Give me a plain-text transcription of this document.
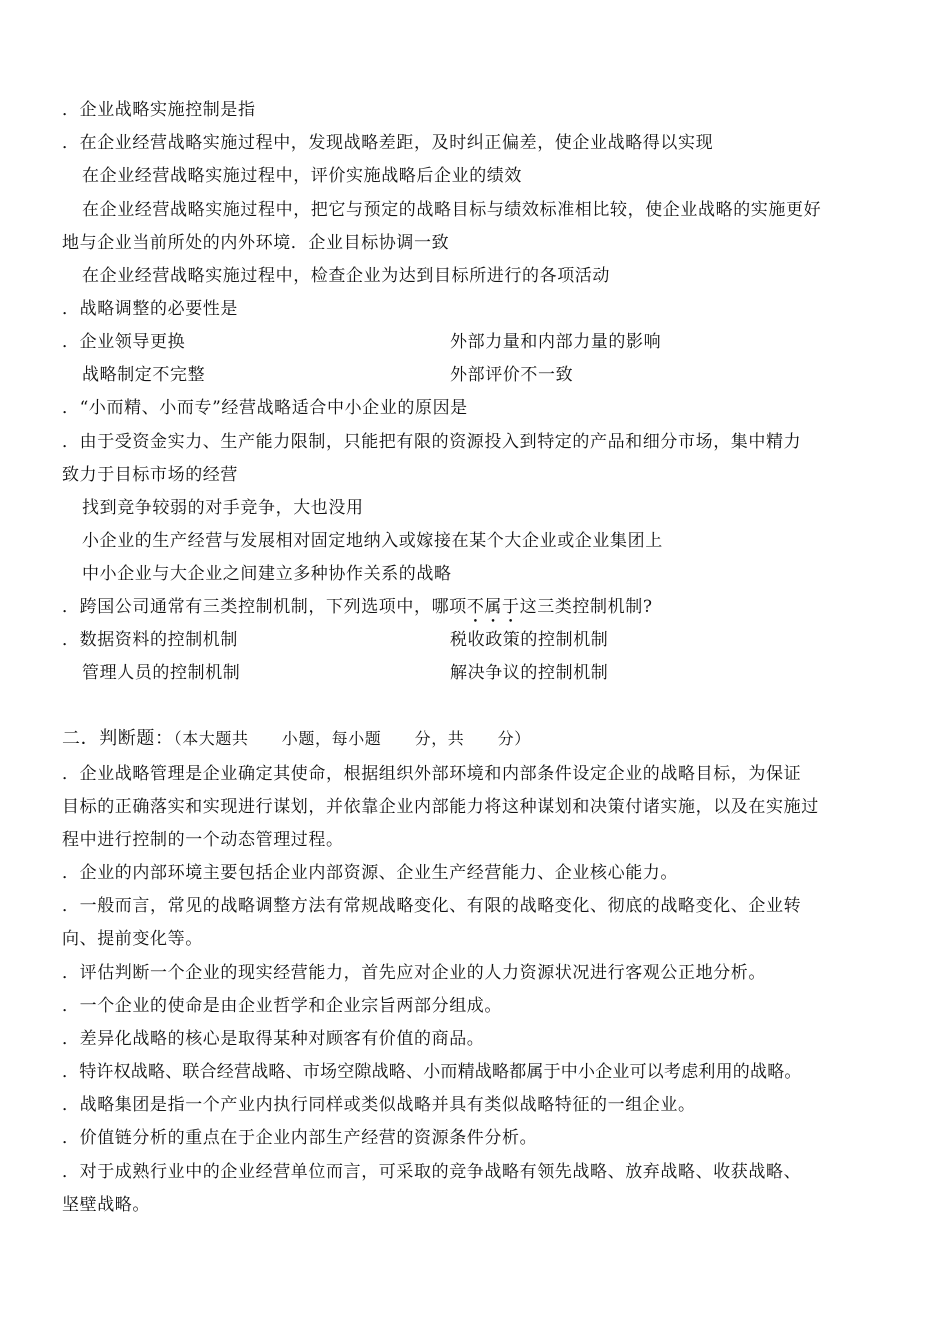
．企业战略实施控制是指

．在企业经营战略实施过程中，发现战略差距，及时纠正偏差，使企业战略得以实现

在企业经营战略实施过程中，评价实施战略后企业的绩效

在企业经营战略实施过程中，把它与预定的战略目标与绩效标准相比较，使企业战略的实施更好

地与企业当前所处的内外环境．企业目标协调一致

在企业经营战略实施过程中，检查企业为达到目标所进行的各项活动

．战略调整的必要性是

．企业领导更换	外部力量和内部力量的影响

战略制定不完整	外部评价不一致

．“小而精、小而专”经营战略适合中小企业的原因是

．由于受资金实力、生产能力限制，只能把有限的资源投入到特定的产品和细分市场，集中精力

致力于目标市场的经营

找到竞争较弱的对手竞争，大也没用

小企业的生产经营与发展相对固定地纳入或嫁接在某个大企业或企业集团上

中小企业与大企业之间建立多种协作关系的战略

．跨国公司通常有三类控制机制，下列选项中，哪项不属于这三类控制机制?

．数据资料的控制机制	税收政策的控制机制

管理人员的控制机制	解决争议的控制机制

二．判断题：（本大题共　　小题，每小题　　分，共　　分）

．企业战略管理是企业确定其使命，根据组织外部环境和内部条件设定企业的战略目标，为保证

目标的正确落实和实现进行谋划，并依靠企业内部能力将这种谋划和决策付诸实施，以及在实施过

程中进行控制的一个动态管理过程。

．企业的内部环境主要包括企业内部资源、企业生产经营能力、企业核心能力。

．一般而言，常见的战略调整方法有常规战略变化、有限的战略变化、彻底的战略变化、企业转

向、提前变化等。

．评估判断一个企业的现实经营能力，首先应对企业的人力资源状况进行客观公正地分析。

．一个企业的使命是由企业哲学和企业宗旨两部分组成。

．差异化战略的核心是取得某种对顾客有价值的商品。

．特许权战略、联合经营战略、市场空隙战略、小而精战略都属于中小企业可以考虑利用的战略。

．战略集团是指一个产业内执行同样或类似战略并具有类似战略特征的一组企业。

．价值链分析的重点在于企业内部生产经营的资源条件分析。

．对于成熟行业中的企业经营单位而言，可采取的竞争战略有领先战略、放弃战略、收获战略、

坚壁战略。
